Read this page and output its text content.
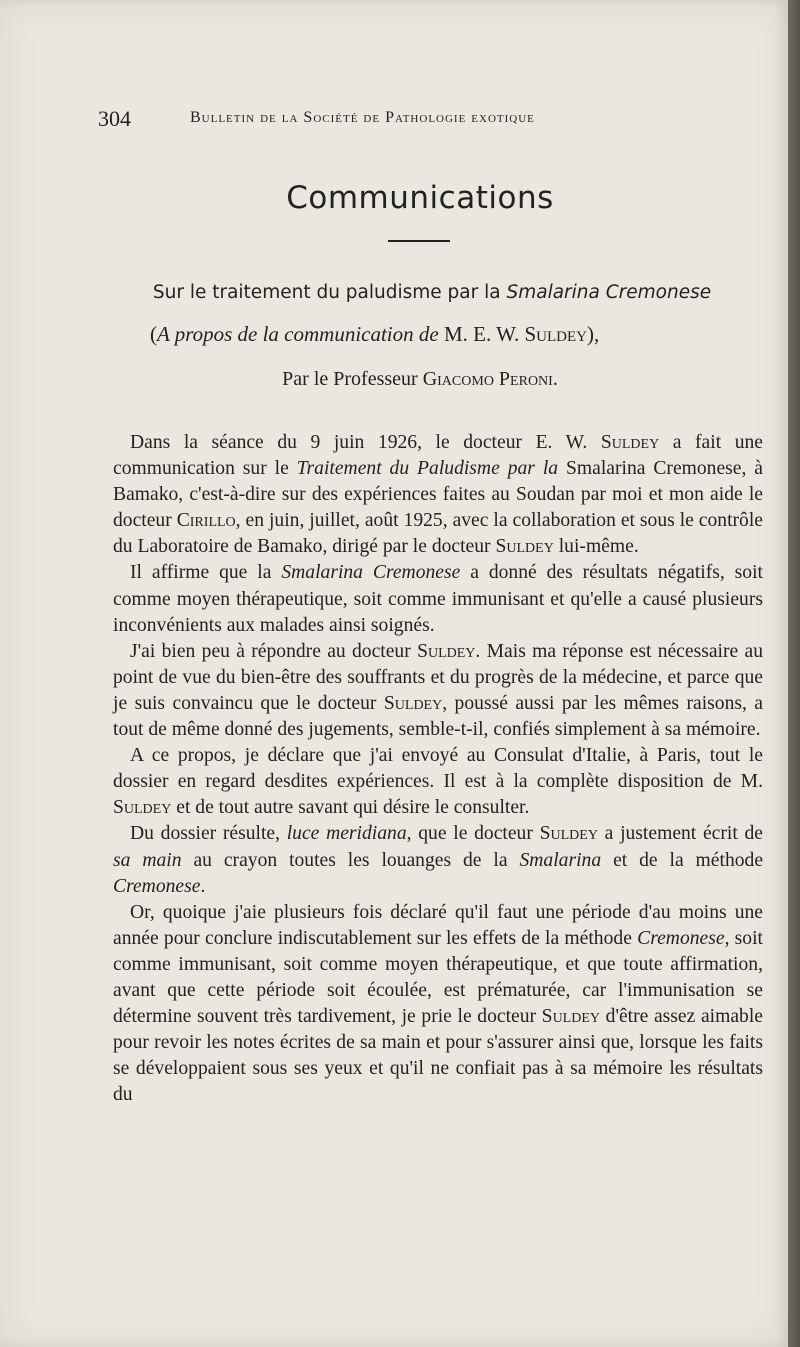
304	Bulletin de la Société de Pathologie exotique
Communications
Sur le traitement du paludisme par la Smalarina Cremonese
(A propos de la communication de M. E. W. Suldey),
Par le Professeur Giacomo Peroni.

Dans la séance du 9 juin 1926, le docteur E. W. Suldey a fait une communication sur le Traitement du Paludisme par la Smalarina Cremonese, à Bamako, c'est-à-dire sur des expériences faites au Soudan par moi et mon aide le docteur Cirillo, en juin, juillet, août 1925, avec la collaboration et sous le contrôle du Laboratoire de Bamako, dirigé par le docteur Suldey lui-même.

Il affirme que la Smalarina Cremonese a donné des résultats négatifs, soit comme moyen thérapeutique, soit comme immunisant et qu'elle a causé plusieurs inconvénients aux malades ainsi soignés.

J'ai bien peu à répondre au docteur Suldey. Mais ma réponse est nécessaire au point de vue du bien-être des souffrants et du progrès de la médecine, et parce que je suis convaincu que le docteur Suldey, poussé aussi par les mêmes raisons, a tout de même donné des jugements, semble-t-il, confiés simplement à sa mémoire.

A ce propos, je déclare que j'ai envoyé au Consulat d'Italie, à Paris, tout le dossier en regard desdites expériences. Il est à la complète disposition de M. Suldey et de tout autre savant qui désire le consulter.

Du dossier résulte, luce meridiana, que le docteur Suldey a justement écrit de sa main au crayon toutes les louanges de la Smalarina et de la méthode Cremonese.

Or, quoique j'aie plusieurs fois déclaré qu'il faut une période d'au moins une année pour conclure indiscutablement sur les effets de la méthode Cremonese, soit comme immunisant, soit comme moyen thérapeutique, et que toute affirmation, avant que cette période soit écoulée, est prématurée, car l'immunisation se détermine souvent très tardivement, je prie le docteur Suldey d'être assez aimable pour revoir les notes écrites de sa main et pour s'assurer ainsi que, lorsque les faits se développaient sous ses yeux et qu'il ne confiait pas à sa mémoire les résultats du
